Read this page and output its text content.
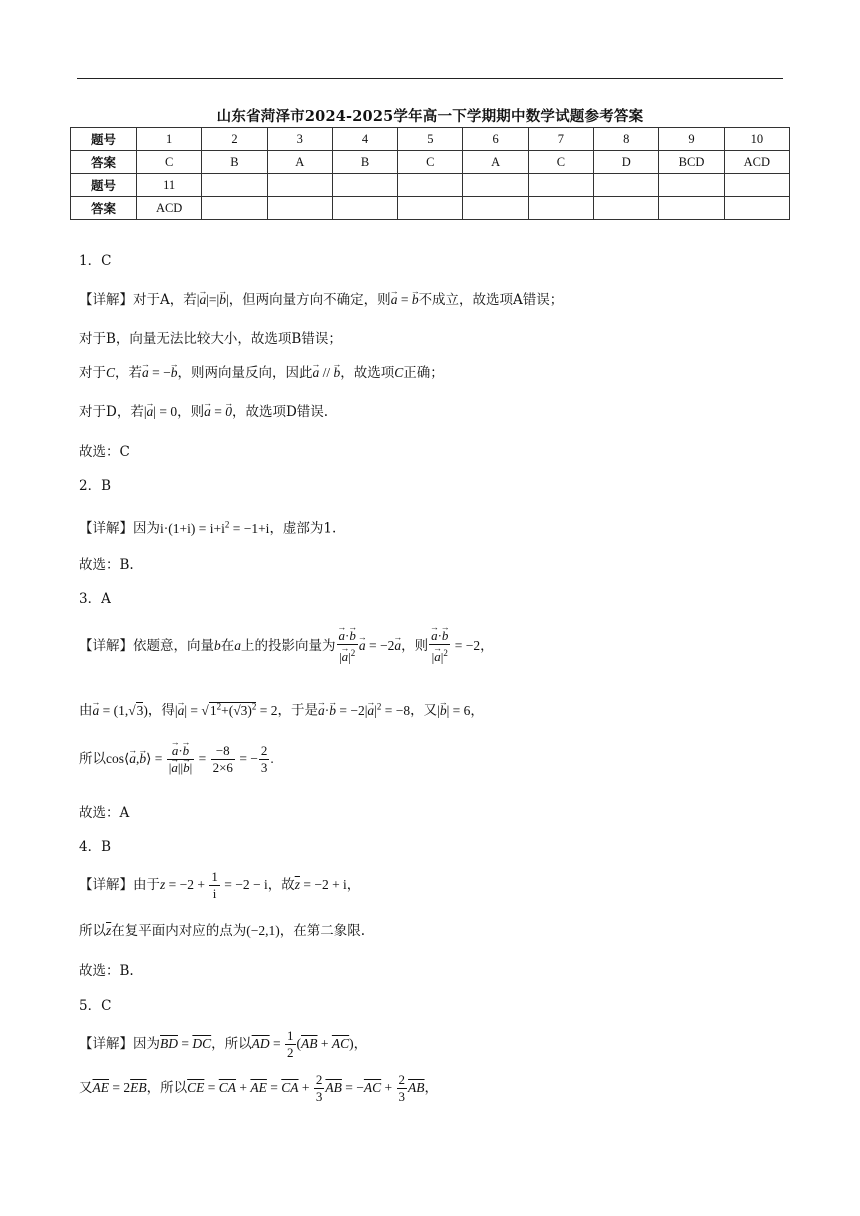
山东省菏泽市2024-2025学年高一下学期期中数学试题参考答案
题号	1	2	3	4	5	6	7	8	9	10
答案	C	B	A	B	C	A	C	D	BCD	ACD
题号	11									
答案	ACD									
1．C
【详解】对于A，若|→ a|=|→ b|，但两向量方向不确定，则→ a = → b不成立，故选项A错误；
对于B，向量无法比较大小，故选项B错误；
对于C，若→ a = −→ b，则两向量反向，因此→ a // → b，故选项C正确；
对于D，若|→ a| = 0，则→ a = → 0，故选项D错误.
故选：C
2．B
【详解】因为$i\cdot(1+i) = i+i^2 = -1+i$，虚部为1.
故选：B.
3．A
【详解】依题意，向量b在a上的投影向量为 → $\frac{a\cdot\to b}{|\to a|^2} \to a = -2\to a$，则 → $\frac{a\cdot\to b}{|\to a|^2} = -2$，
由→ a = (1,√3)，得|→ $a| = √1^2+(√3)^2 = 2$，于是→ $a\cdot\to b = -2|\to a|^2 = -8$，又|→ b| = 6，
所以cos⟨→ a,→ b⟩ = → $\frac{a\cdot\to b}{|\to a||\to b|} = \frac{-8}{2\times 6}$ = − $\frac{2}{3}$ .
故选：A
4．B
【详解】由于$z = -2 + \frac{1}{i} = -2 - i$，故$\overline{z} = -2 + i$，
所以$\overline{z}$在复平面内对应的点为(−2,1)，在第二象限.
故选：B.
5．C
【详解】因为$\overline{BD} = \overline{DC}$，所以$\overline{AD} = \frac{1}{2} (\overline{AB} + \overline{AC})$，
又$\overline{AE} = 2\overline{EB}$，所以$\overline{CE} = \overline{CA} + \overline{AE} = \overline{CA} + \frac{2}{3} \overline{AB} = -\overline{AC} + \frac{2}{3} \overline{AB}$，
